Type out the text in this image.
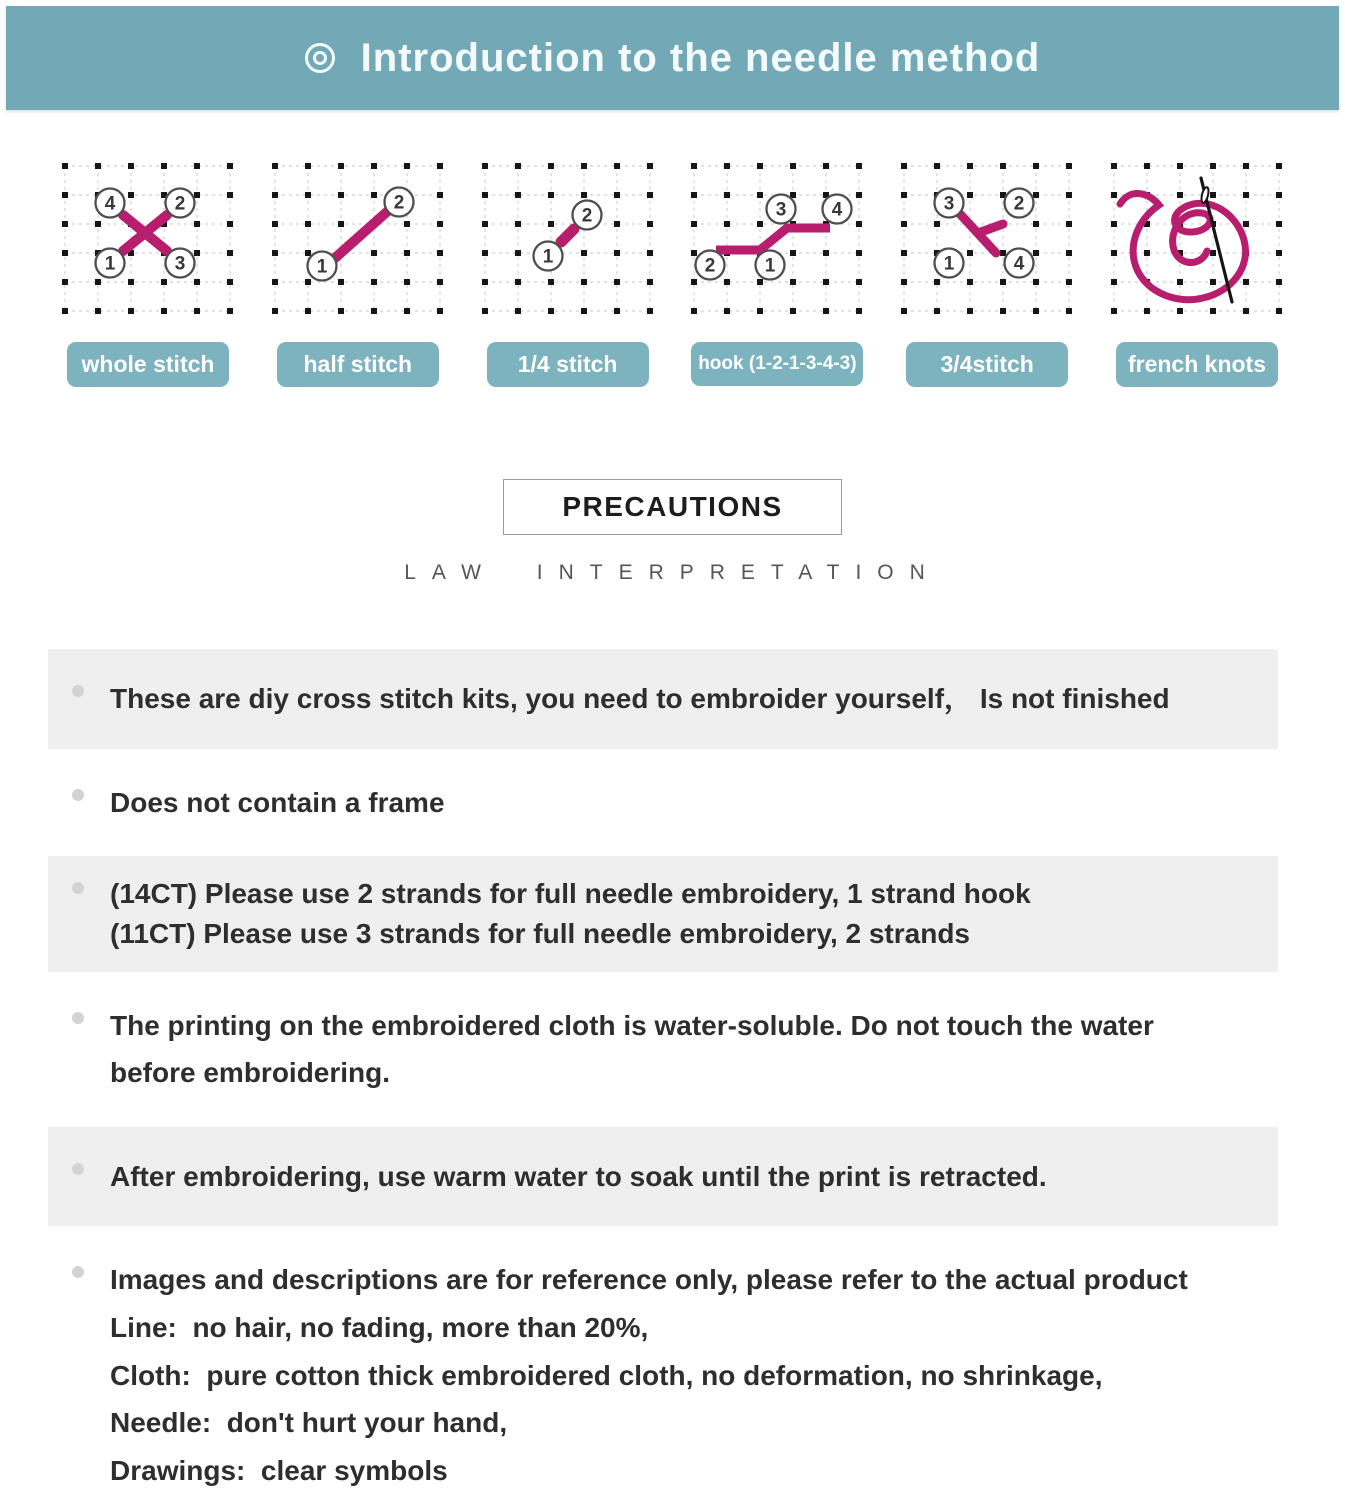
Introduction to the needle method
4	2
1	3
whole stitch
1
2
half stitch
1
2
1/4 stitch
2	1
3 4
hook (1-2-1-3-4-3)
3	2
1	4
3/4stitch	french knots
PRECAUTIONS
LAW INTERPRETATION
These are diy cross stitch kits, you need to embroider yourself， Is not finished
Does not contain a frame
(14CT) Please use 2 strands for full needle embroidery, 1 strand hook
(11CT) Please use 3 strands for full needle embroidery, 2 strands
The printing on the embroidered cloth is water-soluble. Do not touch the water
before embroidering.
After embroidering, use warm water to soak until the print is retracted.
Images and descriptions are for reference only, please refer to the actual product
Line:  no hair, no fading, more than 20%,
Cloth:  pure cotton thick embroidered cloth, no deformation, no shrinkage,
Needle:  don't hurt your hand,
Drawings:  clear symbols
